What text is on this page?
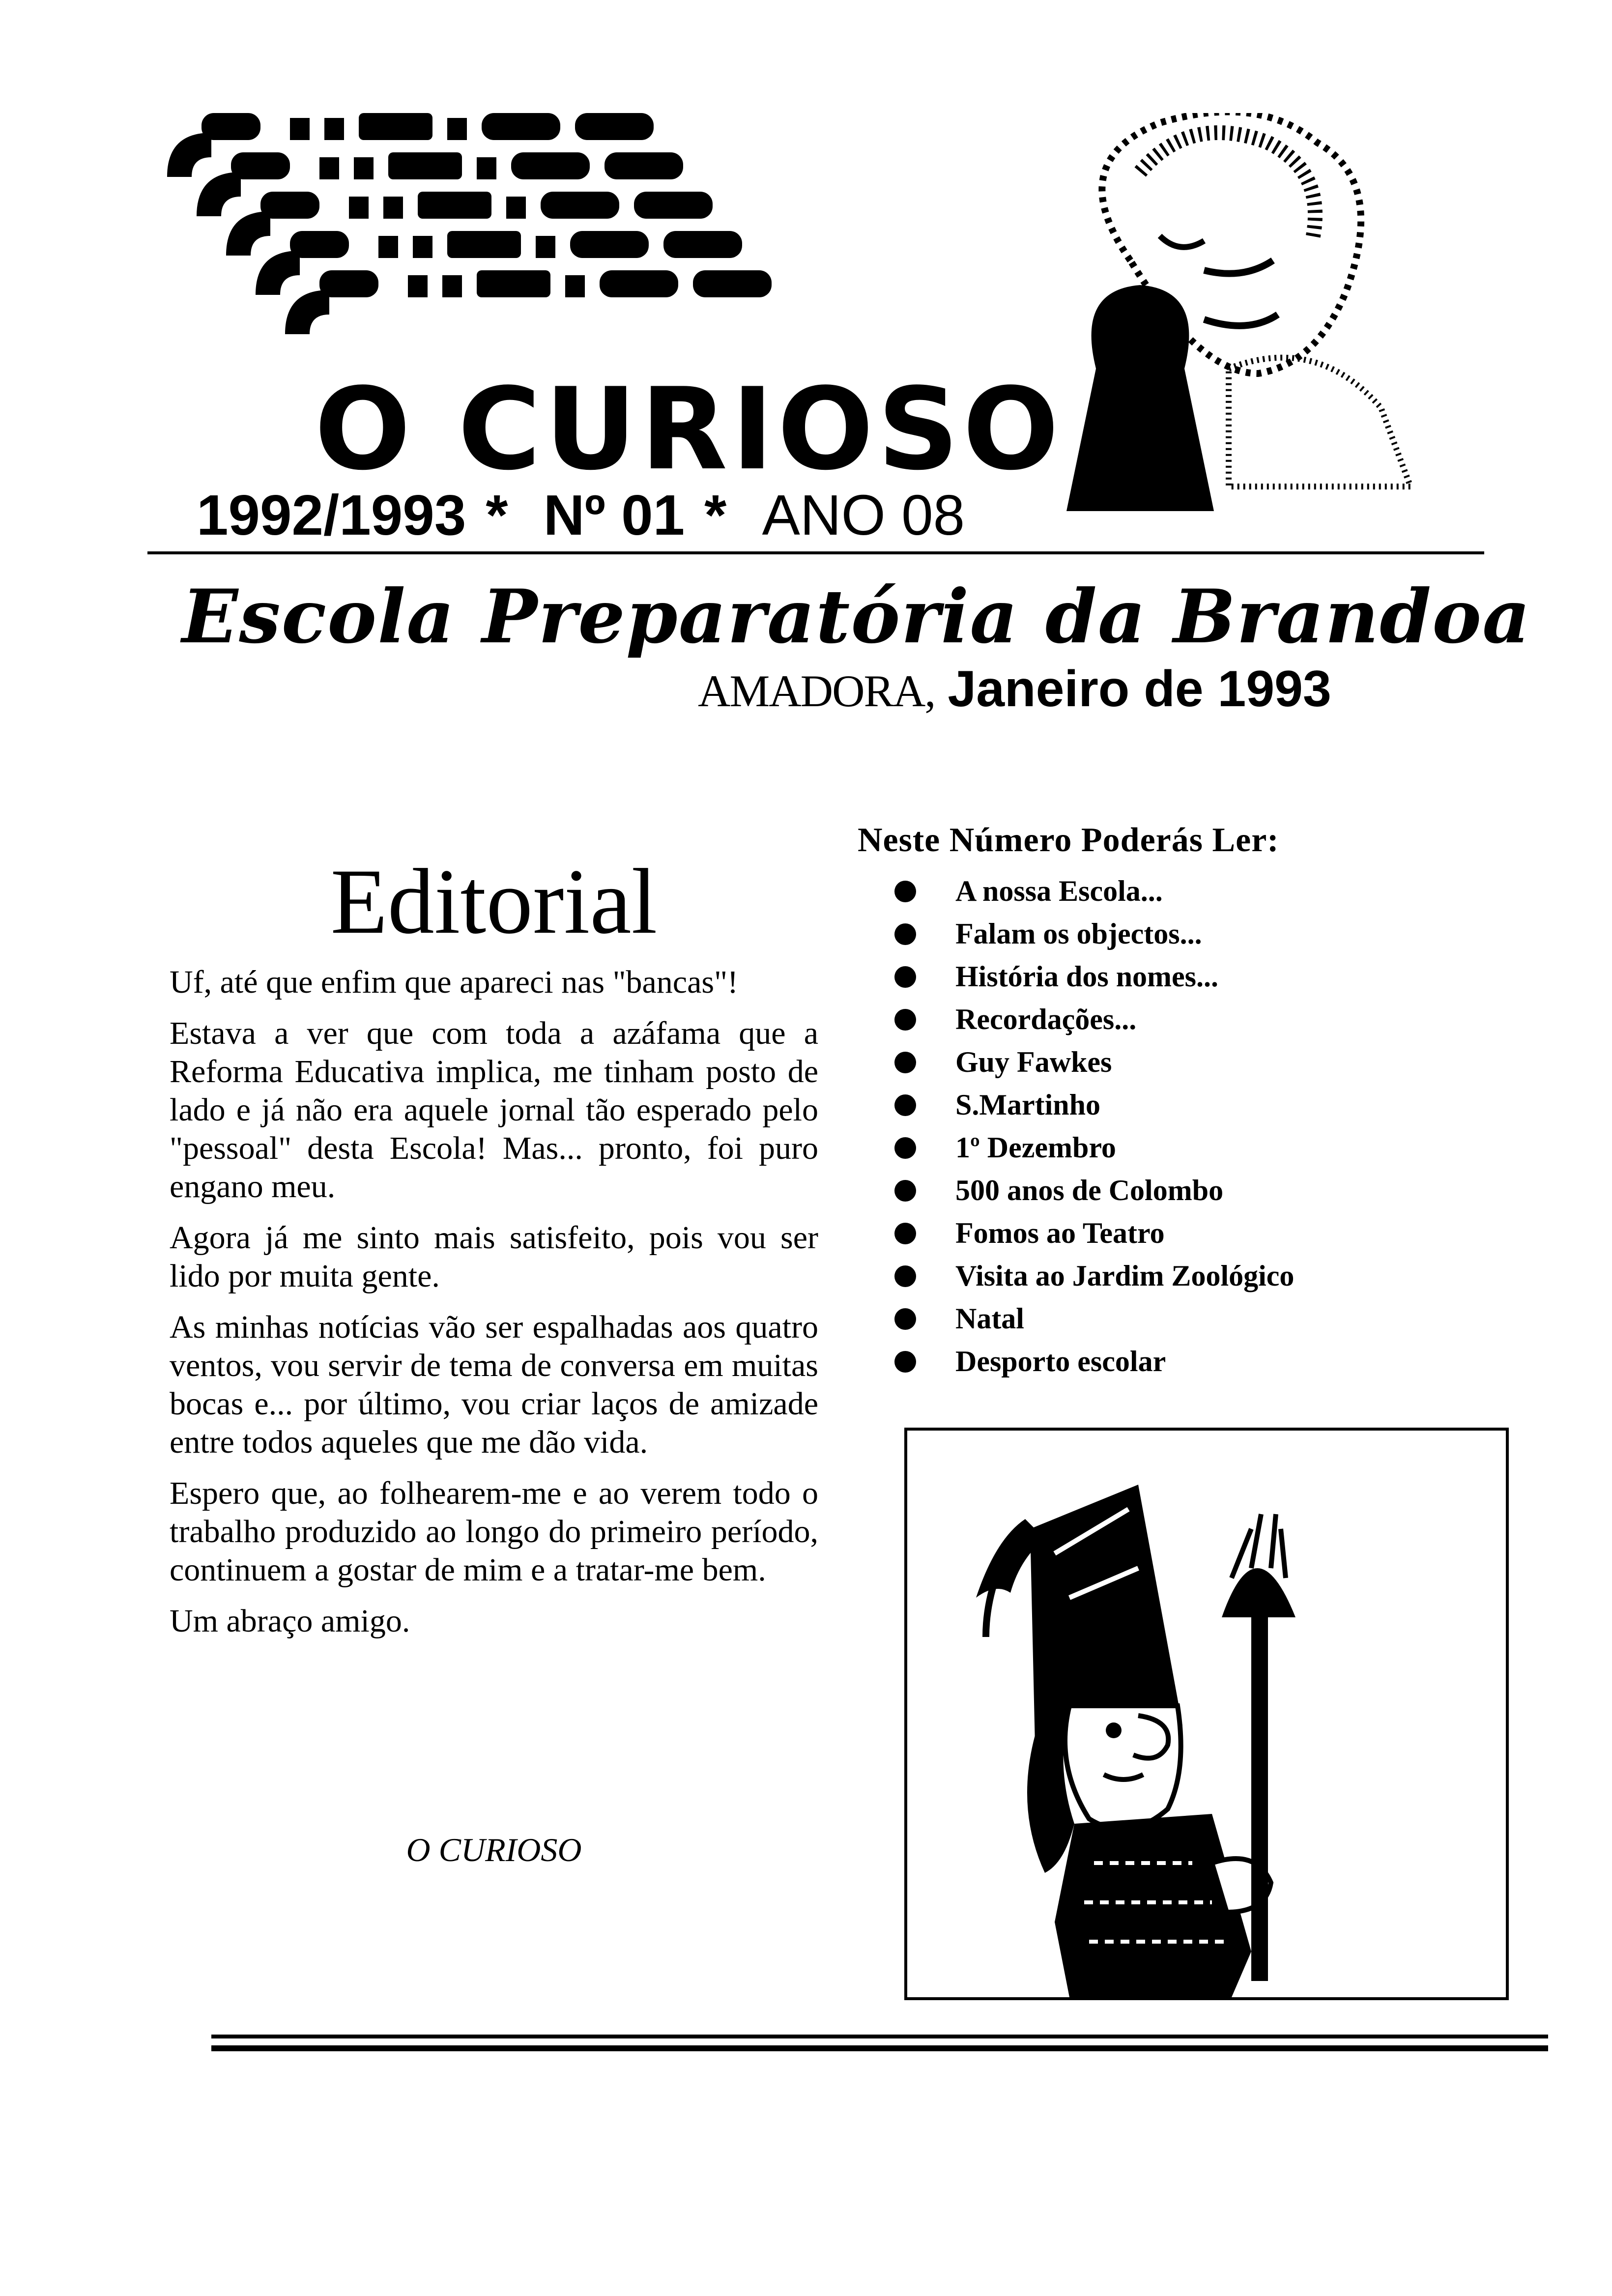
O CURIOSO
1992/1993 * Nº 01 * ANO 08
Escola Preparatória da Brandoa
AMADORA, Janeiro de 1993
Editorial

Uf, até que enfim que apareci nas "bancas"!

Estava a ver que com toda a azáfama que a Reforma Educativa implica, me tinham posto de lado e já não era aquele jornal tão esperado pelo "pessoal" desta Escola! Mas... pronto, foi puro engano meu.

Agora já me sinto mais satisfeito, pois vou ser lido por muita gente.

As minhas notícias vão ser espalhadas aos quatro ventos, vou servir de tema de conversa em muitas bocas e... por último, vou criar laços de amizade entre todos aqueles que me dão vida.

Espero que, ao folhearem-me e ao verem todo o trabalho produzido ao longo do primeiro período, continuem a gostar de mim e a tratar-me bem.

Um abraço amigo.

O CURIOSO
Neste Número Poderás Ler:
A nossa Escola...
Falam os objectos...
História dos nomes...
Recordações...
Guy Fawkes
S.Martinho
1º Dezembro
500 anos de Colombo
Fomos ao Teatro
Visita ao Jardim Zoológico
Natal
Desporto escolar
